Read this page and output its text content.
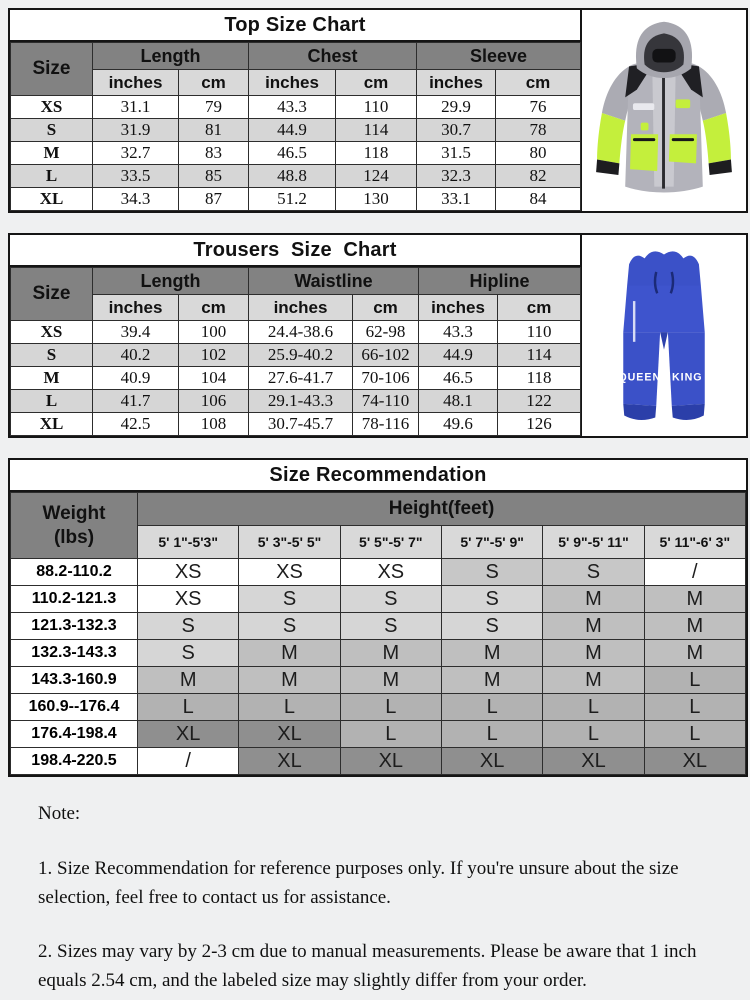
Top Size Chart
Size	Length		Chest		Sleeve	
	inches	cm	inches	cm	inches	cm
XS	31.1	79	43.3	110	29.9	76
S	31.9	81	44.9	114	30.7	78
M	32.7	83	46.5	118	31.5	80
L	33.5	85	48.8	124	32.3	82
XL	34.3	87	51.2	130	33.1	84
Trousers  Size  Chart
Size	Length		Waistline		Hipline	
	inches	cm	inches	cm	inches	cm
XS	39.4	100	24.4-38.6	62-98	43.3	110
S	40.2	102	25.9-40.2	66-102	44.9	114
M	40.9	104	27.6-41.7	70-106	46.5	118
L	41.7	106	29.1-43.3	74-110	48.1	122
XL	42.5	108	30.7-45.7	78-116	49.6	126
QUEEN KING
Size Recommendation
Weight
(lbs)	Height(feet)					
	5' 1"-5'3"	5' 3"-5' 5"	5' 5"-5' 7"	5' 7"-5' 9"	5' 9"-5' 11"	5' 11"-6' 3"
88.2-110.2	XS	XS	XS	S	S	/
110.2-121.3	XS	S	S	S	M	M
121.3-132.3	S	S	S	S	M	M
132.3-143.3	S	M	M	M	M	M
143.3-160.9	M	M	M	M	M	L
160.9--176.4	L	L	L	L	L	L
176.4-198.4	XL	XL	L	L	L	L
198.4-220.5	/	XL	XL	XL	XL	XL
Note:

1. Size Recommendation for reference purposes only. If you're unsure about the size selection, feel free to contact us for assistance.

2. Sizes may vary by 2-3 cm due to manual measurements. Please be aware that 1 inch equals 2.54 cm, and the labeled size may slightly differ from your order.
